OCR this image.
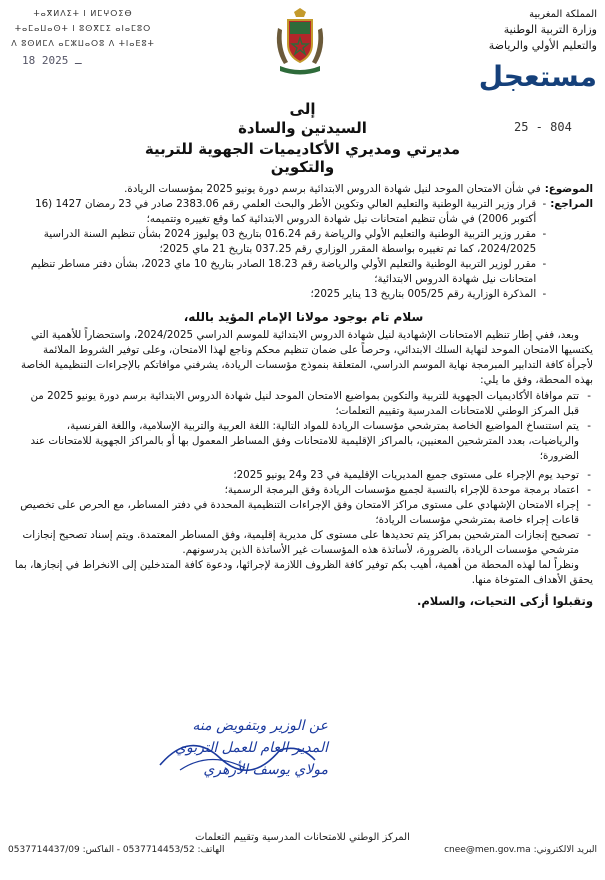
ⵜⴰⴳⵍⴷⵉⵜ ⵏ ⵍⵎⵖⵔⵉⴱ
ⵜⴰⵎⴰⵡⴰⵙⵜ ⵏ ⵓⵙⴳⵎⵉ ⴰⵏⴰⵎⵓⵔ
ⴷ ⵓⵙⵍⵎⴷ ⴰⵎⵣⵡⴰⵔⵓ ⴷ ⵜⵏⴰⴹⵓⵜ
18 ـ 2025
المملكة المغربية
وزارة التربية الوطنية
والتعليم الأولي والرياضة
مستعجل
25 - 804
إلى
السيدتين والسادة
مديرتي ومديري الأكاديميات الجهوية للتربية والتكوين
الموضوع:
في شأن الامتحان الموحد لنيل شهادة الدروس الابتدائية برسم دورة يونيو 2025 بمؤسسات الريادة.
المراجع:
- قرار وزير التربية الوطنية والتعليم العالي وتكوين الأطر والبحث العلمي رقم 2383.06 صادر في 23 رمضان 1427 (16 أكتوبر 2006) في شأن تنظيم امتحانات نيل شهادة الدروس الابتدائية كما وقع تغييره وتتميمه؛
- مقرر وزير التربية الوطنية والتعليم الأولي والرياضة رقم 016.24 بتاريخ 03 يوليوز 2024 بشأن تنظيم السنة الدراسية 2024/2025، كما تم تغييره بواسطة المقرر الوزاري رقم 037.25 بتاريخ 21 ماي 2025؛
- مقرر لوزير التربية الوطنية والتعليم الأولي والرياضة رقم 18.23 الصادر بتاريخ 10 ماي 2023، بشأن دفتر مساطر تنظيم امتحانات نيل شهادة الدروس الابتدائية؛
- المذكرة الوزارية رقم 005/25 بتاريخ 13 يناير 2025؛
سلام تام بوجود مولانا الإمام المؤيد بالله،
وبعد، ففي إطار تنظيم الامتحانات الإشهادية لنيل شهادة الدروس الابتدائية للموسم الدراسي 2024/2025، واستحضاراً للأهمية التي يكتسيها الامتحان الموحد لنهاية السلك الابتدائي، وحرصاً على ضمان تنظيم محكم وناجع لهذا الامتحان، وعلى توفير الشروط الملائمة لأجرأة كافة التدابير المبرمجة نهاية الموسم الدراسي، المتعلقة بنموذج مؤسسات الريادة، يشرفني موافاتكم بالإجراءات التنظيمية الخاصة بهذه المحطة، وفق ما يلي:
- تتم موافاة الأكاديميات الجهوية للتربية والتكوين بمواضيع الامتحان الموحد لنيل شهادة الدروس الابتدائية برسم دورة يونيو 2025 من قبل المركز الوطني للامتحانات المدرسية وتقييم التعلمات؛
- يتم استنساخ المواضيع الخاصة بمترشحي مؤسسات الريادة للمواد التالية: اللغة العربية والتربية الإسلامية، واللغة الفرنسية، والرياضيات، بعدد المترشحين المعنيين، بالمراكز الإقليمية للامتحانات وفق المساطر المعمول بها أو بالمراكز الجهوية للامتحانات عند الضرورة؛
- توحيد يوم الإجراء على مستوى جميع المديريات الإقليمية في 23 و24 يونيو 2025؛
- اعتماد برمجة موحدة للإجراء بالنسبة لجميع مؤسسات الريادة وفق البرمجة الرسمية؛
- إجراء الامتحان الإشهادي على مستوى مراكز الامتحان وفق الإجراءات التنظيمية المحددة في دفتر المساطر، مع الحرص على تخصيص قاعات إجراء خاصة بمترشحي مؤسسات الريادة؛
- تصحيح إنجازات المترشحين بمراكز يتم تحديدها على مستوى كل مديرية إقليمية، وفق المساطر المعتمدة. ويتم إسناد تصحيح إنجازات مترشحي مؤسسات الريادة، بالضرورة، لأساتذة هذه المؤسسات غير الأساتذة الذين يدرسونهم.
ونظراً لما لهذه المحطة من أهمية، أهيب بكم توفير كافة الظروف اللازمة لإجرائها، ودعوة كافة المتدخلين إلى الانخراط في إنجازها، بما يحقق الأهداف المتوخاة منها.
وتقبلوا أزكى التحيات، والسلام.
عن الوزير وبتفويض منه
المدير العام للعمل التربوي
مولاي يوسف الأزهري
المركز الوطني للامتحانات المدرسية وتقييم التعلمات
البريد الالكتروني: cnee@men.gov.ma
الهاتف: 0537714453/52 - الفاكس: 0537714437/09
